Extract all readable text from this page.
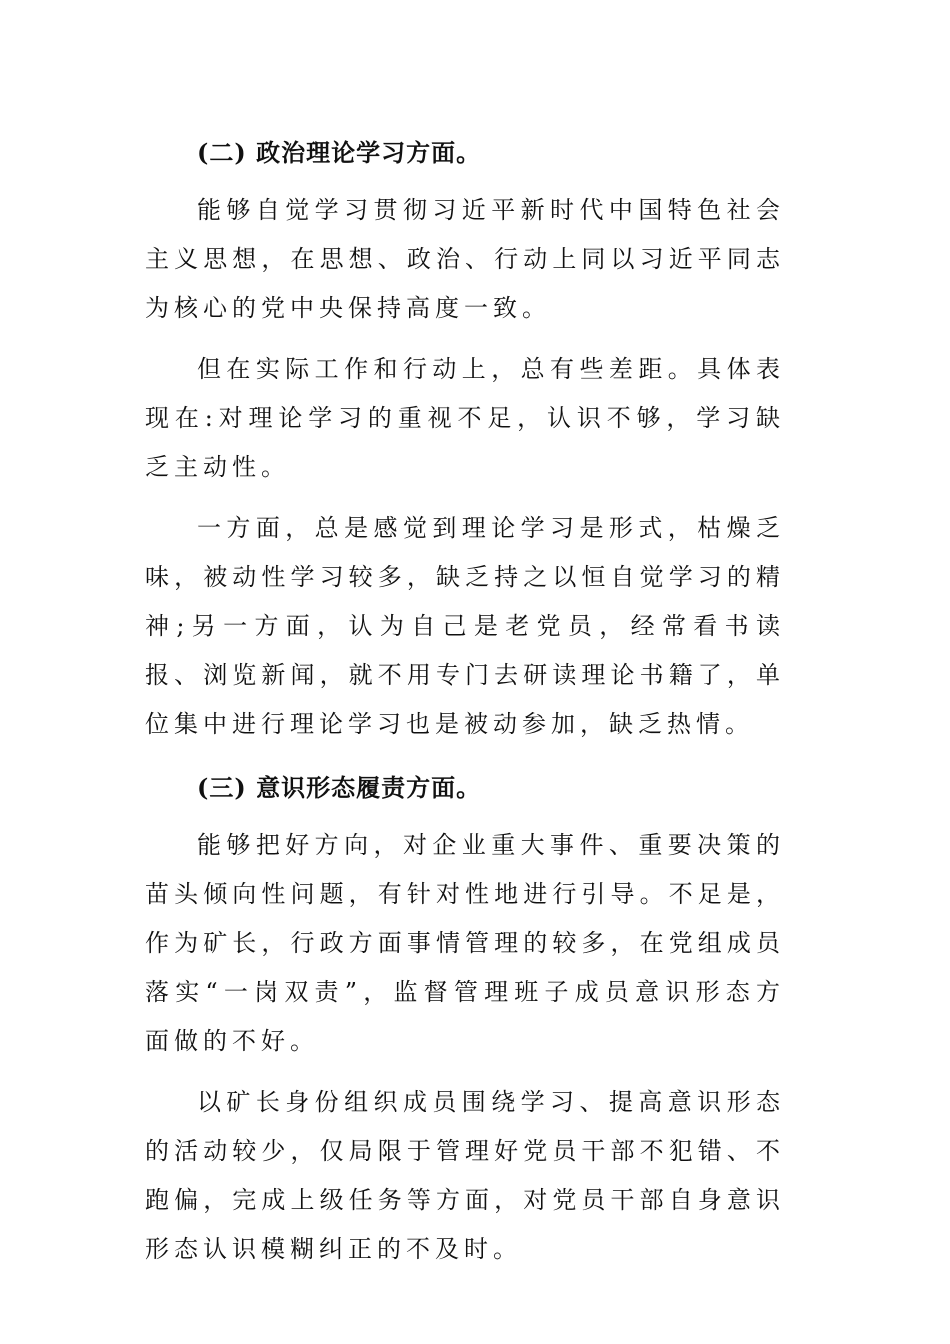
(二) 政治理论学习方面。

能够自觉学习贯彻习近平新时代中国特色社会主义思想，在思想、政治、行动上同以习近平同志为核心的党中央保持高度一致。

但在实际工作和行动上，总有些差距。具体表现在:对理论学习的重视不足，认识不够，学习缺乏主动性。

一方面，总是感觉到理论学习是形式，枯燥乏味，被动性学习较多，缺乏持之以恒自觉学习的精神;另一方面，认为自己是老党员，经常看书读报、浏览新闻，就不用专门去研读理论书籍了，单位集中进行理论学习也是被动参加，缺乏热情。

(三) 意识形态履责方面。

能够把好方向，对企业重大事件、重要决策的苗头倾向性问题，有针对性地进行引导。不足是，作为矿长，行政方面事情管理的较多，在党组成员落实“一岗双责”，监督管理班子成员意识形态方面做的不好。

以矿长身份组织成员围绕学习、提高意识形态的活动较少，仅局限于管理好党员干部不犯错、不跑偏，完成上级任务等方面，对党员干部自身意识形态认识模糊纠正的不及时。
